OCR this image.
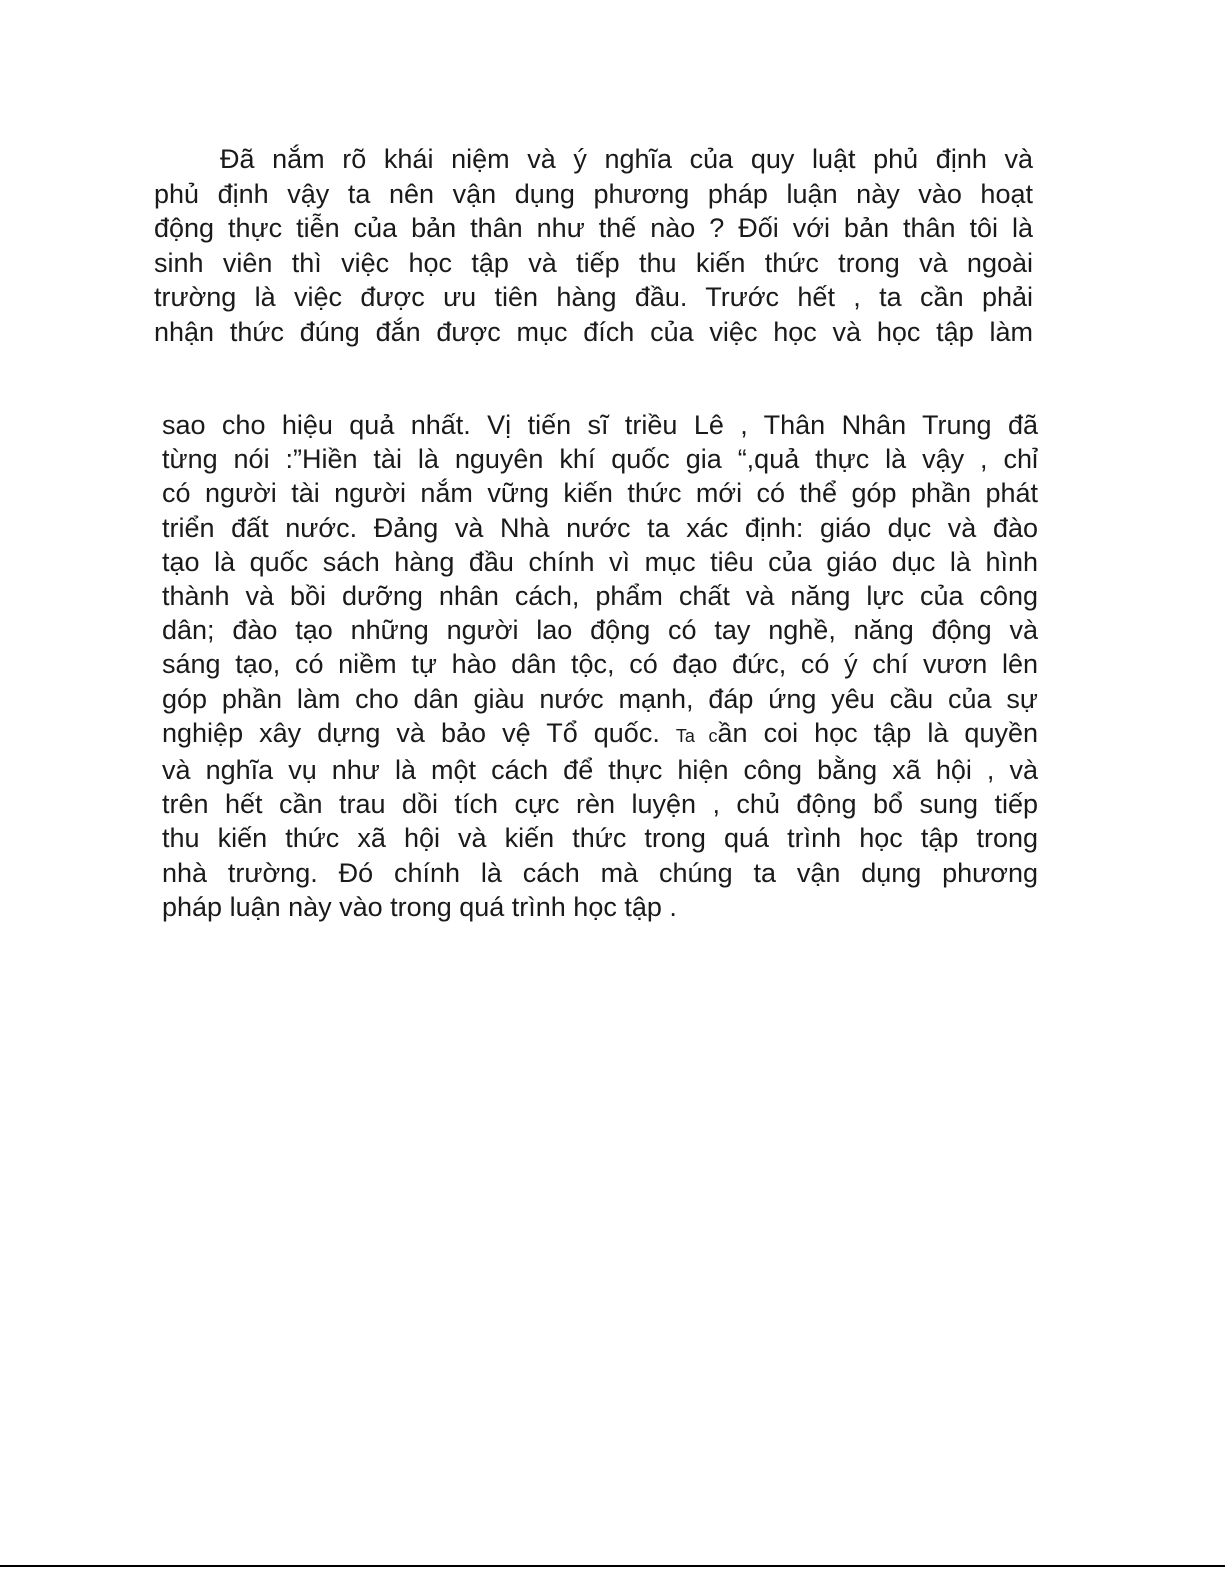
Đã nắm rõ khái niệm và ý nghĩa của quy luật phủ định và
phủ định vậy ta nên vận dụng phương pháp luận này vào hoạt
động thực tiễn của bản thân như thế nào ? Đối với bản thân tôi là
sinh viên thì việc học tập và tiếp thu kiến thức trong và ngoài
trường là việc được ưu tiên hàng đầu. Trước hết , ta cần phải
nhận thức đúng đắn được mục đích của việc học và học tập làm
sao cho hiệu quả nhất. Vị tiến sĩ triều Lê , Thân Nhân Trung đã
từng nói :”Hiền tài là nguyên khí quốc gia “,quả thực là vậy , chỉ
có người tài người nắm vững kiến thức mới có thể góp phần phát
triển đất nước. Đảng và Nhà nước ta xác định: giáo dục và đào
tạo là quốc sách hàng đầu chính vì mục tiêu của giáo dục là hình
thành và bồi dưỡng nhân cách, phẩm chất và năng lực của công
dân; đào tạo những người lao động có tay nghề, năng động và
sáng tạo, có niềm tự hào dân tộc, có đạo đức, có ý chí vươn lên
góp phần làm cho dân giàu nước mạnh, đáp ứng yêu cầu của sự
nghiệp xây dựng và bảo vệ Tổ quốc. Ta cần coi học tập là quyền
và nghĩa vụ như là một cách để thực hiện công bằng xã hội , và
trên hết cần trau dồi tích cực rèn luyện , chủ động bổ sung tiếp
thu kiến thức xã hội và kiến thức trong quá trình học tập trong
nhà trường. Đó chính là cách mà chúng ta vận dụng phương
pháp luận này vào trong quá trình học tập .
